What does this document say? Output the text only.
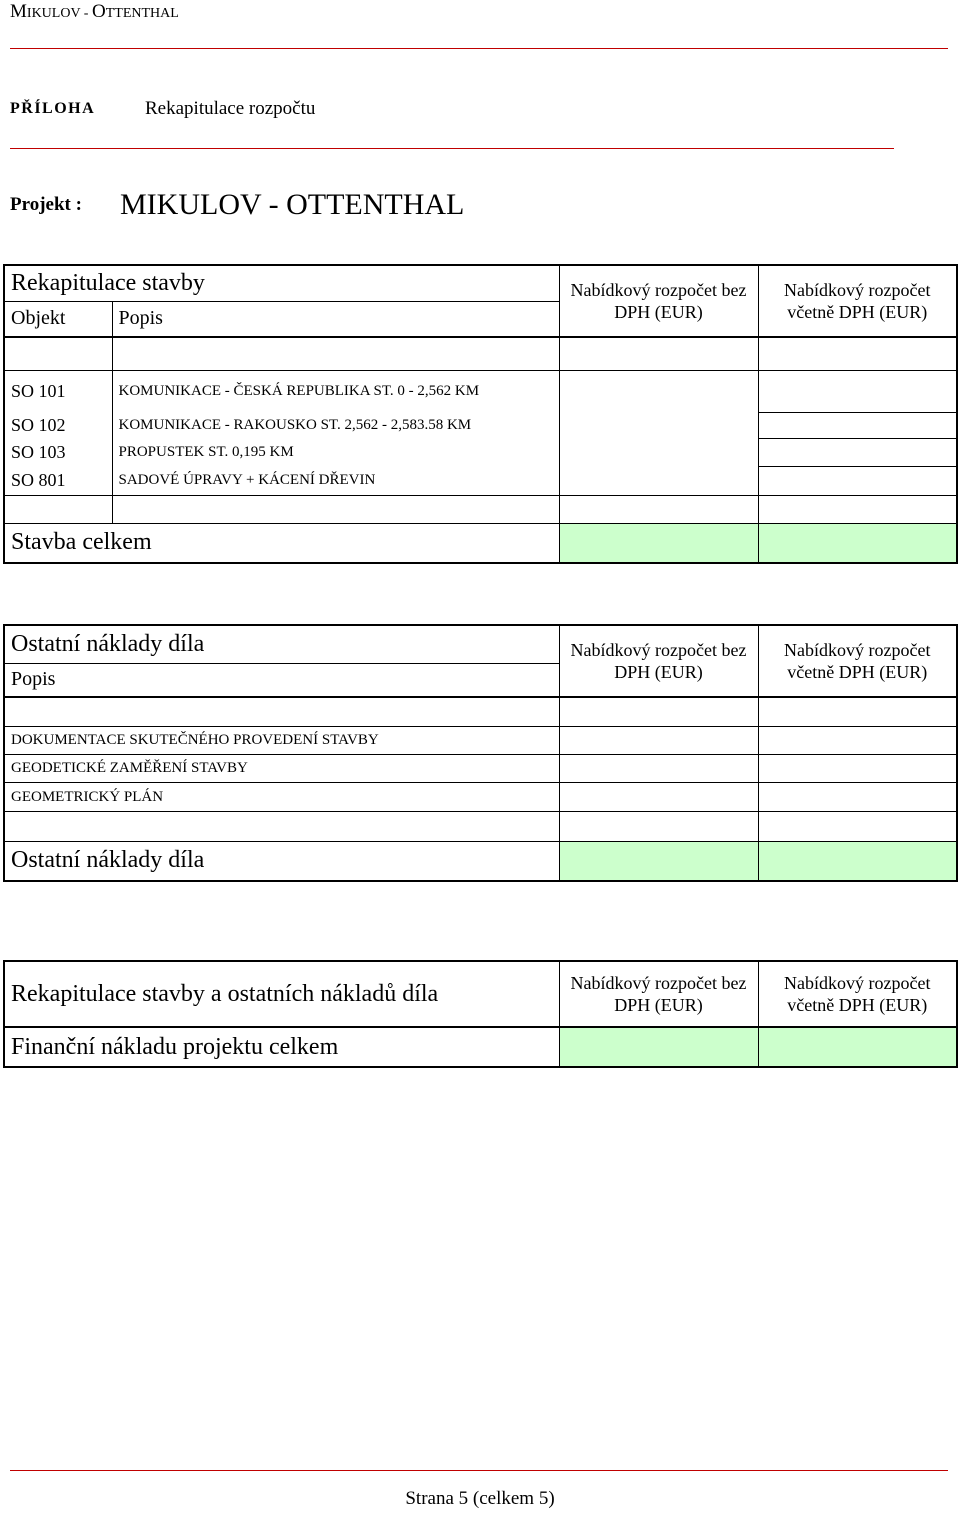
MIKULOV - OTTENTHAL
PŘÍLOHA	Rekapitulace rozpočtu
Projekt : MIKULOV - OTTENTHAL
Rekapitulace stavby		Nabídkový rozpočet bez DPH (EUR)	Nabídkový rozpočet včetně DPH (EUR)
Objekt	Popis		

SO 101	KOMUNIKACE - ČESKÁ REPUBLIKA ST. 0 - 2,562 KM		
SO 102	KOMUNIKACE - RAKOUSKO ST. 2,562 - 2,583.58 KM		
SO 103	PROPUSTEK ST. 0,195 KM		
SO 801	SADOVÉ ÚPRAVY + KÁCENÍ DŘEVIN		

Stavba celkem			
Ostatní náklady díla	Nabídkový rozpočet bez DPH (EUR)	Nabídkový rozpočet včetně DPH (EUR)
Popis		

DOKUMENTACE SKUTEČNÉHO PROVEDENÍ STAVBY		
GEODETICKÉ ZAMĚŘENÍ STAVBY		
GEOMETRICKÝ PLÁN		

Ostatní náklady díla		
Rekapitulace stavby a ostatních nákladů díla	Nabídkový rozpočet bez DPH (EUR)	Nabídkový rozpočet včetně DPH (EUR)
Finanční nákladu projektu celkem		
Strana 5 (celkem 5)
